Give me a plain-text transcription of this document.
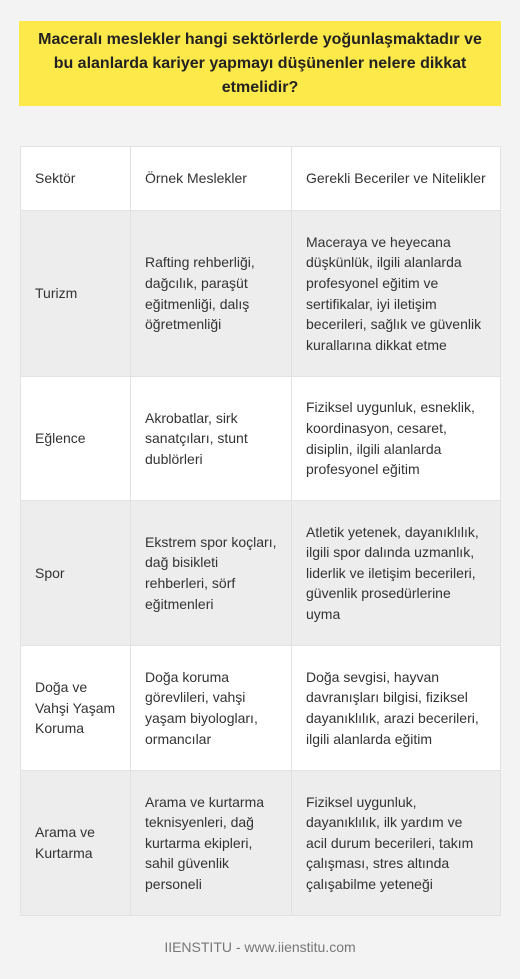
Maceralı meslekler hangi sektörlerde yoğunlaşmaktadır ve bu alanlarda kariyer yapmayı düşünenler nelere dikkat etmelidir?
Sektör	Örnek Meslekler	Gerekli Beceriler ve Nitelikler
Turizm	Rafting rehberliği, dağcılık, paraşüt eğitmenliği, dalış öğretmenliği	Maceraya ve heyecana düşkünlük, ilgili alanlarda profesyonel eğitim ve sertifikalar, iyi iletişim becerileri, sağlık ve güvenlik kurallarına dikkat etme
Eğlence	Akrobatlar, sirk sanatçıları, stunt dublörleri	Fiziksel uygunluk, esneklik, koordinasyon, cesaret, disiplin, ilgili alanlarda profesyonel eğitim
Spor	Ekstrem spor koçları, dağ bisikleti rehberleri, sörf eğitmenleri	Atletik yetenek, dayanıklılık, ilgili spor dalında uzmanlık, liderlik ve iletişim becerileri, güvenlik prosedürlerine uyma
Doğa ve Vahşi Yaşam Koruma	Doğa koruma görevlileri, vahşi yaşam biyologları, ormancılar	Doğa sevgisi, hayvan davranışları bilgisi, fiziksel dayanıklılık, arazi becerileri, ilgili alanlarda eğitim
Arama ve Kurtarma	Arama ve kurtarma teknisyenleri, dağ kurtarma ekipleri, sahil güvenlik personeli	Fiziksel uygunluk, dayanıklılık, ilk yardım ve acil durum becerileri, takım çalışması, stres altında çalışabilme yeteneği
IIENSTITU - www.iienstitu.com
